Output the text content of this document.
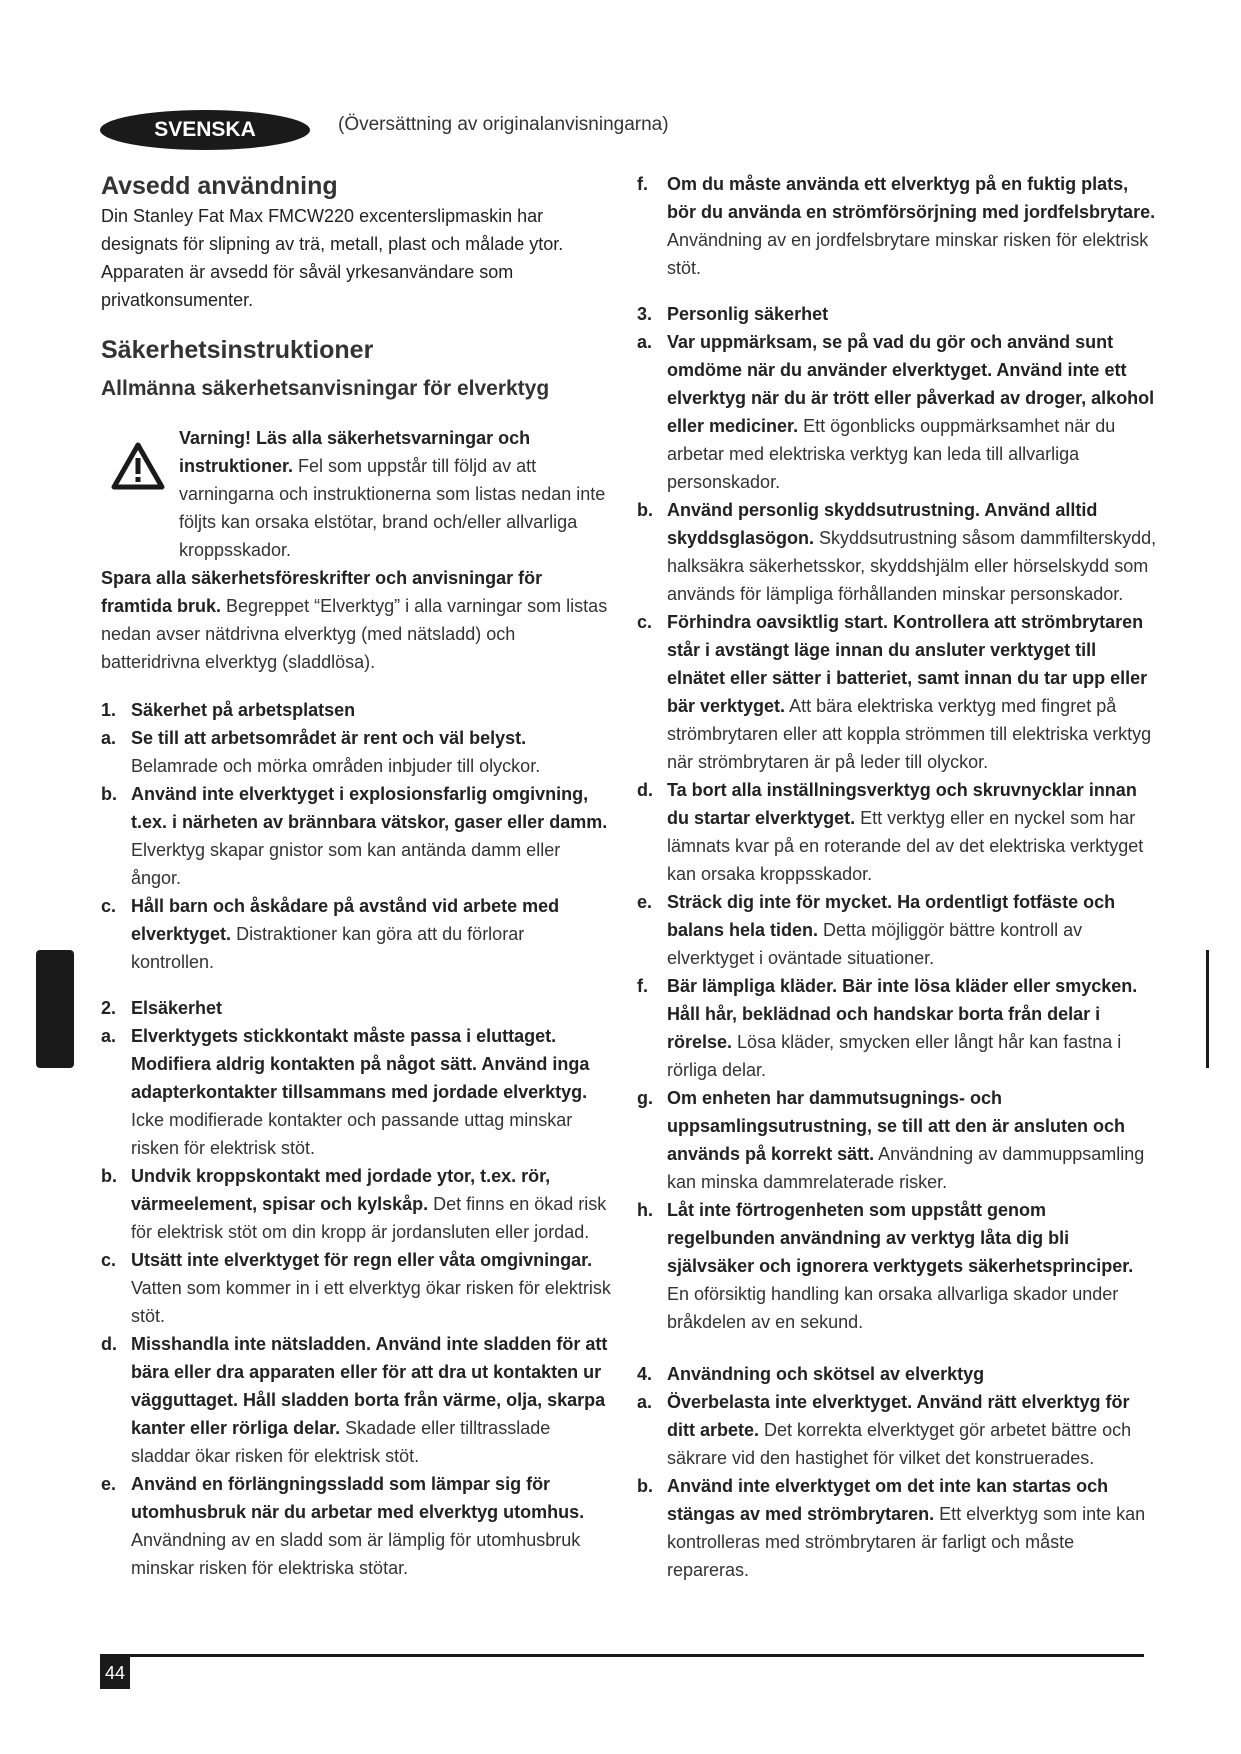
SVENSKA	(Översättning av originalanvisningarna)
Avsedd användning

Din Stanley Fat Max FMCW220 excenterslipmaskin har designats för slipning av trä, metall, plast och målade ytor. Apparaten är avsedd för såväl yrkesanvändare som privatkonsumenter.

Säkerhetsinstruktioner
Allmänna säkerhetsanvisningar för elverktyg

Varning! Läs alla säkerhetsvarningar och instruktioner. Fel som uppstår till följd av att varningarna och instruktionerna som listas nedan inte följts kan orsaka elstötar, brand och/eller allvarliga kroppsskador.

Spara alla säkerhetsföreskrifter och anvisningar för framtida bruk. Begreppet “Elverktyg” i alla varningar som listas nedan avser nätdrivna elverktyg (med nätsladd) och batteridrivna elverktyg (sladdlösa).

1. Säkerhet på arbetsplatsen
a. Se till att arbetsområdet är rent och väl belyst. Belamrade och mörka områden inbjuder till olyckor.
b. Använd inte elverktyget i explosionsfarlig omgivning, t.ex. i närheten av brännbara vätskor, gaser eller damm. Elverktyg skapar gnistor som kan antända damm eller ångor.
c. Håll barn och åskådare på avstånd vid arbete med elverktyget. Distraktioner kan göra att du förlorar kontrollen.
2. Elsäkerhet
a. Elverktygets stickkontakt måste passa i eluttaget. Modifiera aldrig kontakten på något sätt. Använd inga adapterkontakter tillsammans med jordade elverktyg. Icke modifierade kontakter och passande uttag minskar risken för elektrisk stöt.
b. Undvik kroppskontakt med jordade ytor, t.ex. rör, värmeelement, spisar och kylskåp. Det finns en ökad risk för elektrisk stöt om din kropp är jordansluten eller jordad.
c. Utsätt inte elverktyget för regn eller våta omgivningar. Vatten som kommer in i ett elverktyg ökar risken för elektrisk stöt.
d. Misshandla inte nätsladden. Använd inte sladden för att bära eller dra apparaten eller för att dra ut kontakten ur vägguttaget. Håll sladden borta från värme, olja, skarpa kanter eller rörliga delar. Skadade eller tilltrasslade sladdar ökar risken för elektrisk stöt.
e. Använd en förlängningssladd som lämpar sig för utomhusbruk när du arbetar med elverktyg utomhus. Användning av en sladd som är lämplig för utomhusbruk minskar risken för elektriska stötar.
f. Om du måste använda ett elverktyg på en fuktig plats, bör du använda en strömförsörjning med jordfelsbrytare. Användning av en jordfelsbrytare minskar risken för elektrisk stöt.
3. Personlig säkerhet
a. Var uppmärksam, se på vad du gör och använd sunt omdöme när du använder elverktyget. Använd inte ett elverktyg när du är trött eller påverkad av droger, alkohol eller mediciner. Ett ögonblicks ouppmärksamhet när du arbetar med elektriska verktyg kan leda till allvarliga personskador.
b. Använd personlig skyddsutrustning. Använd alltid skyddsglasögon. Skyddsutrustning såsom dammfilterskydd, halksäkra säkerhetsskor, skyddshjälm eller hörselskydd som används för lämpliga förhållanden minskar personskador.
c. Förhindra oavsiktlig start. Kontrollera att strömbrytaren står i avstängt läge innan du ansluter verktyget till elnätet eller sätter i batteriet, samt innan du tar upp eller bär verktyget. Att bära elektriska verktyg med fingret på strömbrytaren eller att koppla strömmen till elektriska verktyg när strömbrytaren är på leder till olyckor.
d. Ta bort alla inställningsverktyg och skruvnycklar innan du startar elverktyget. Ett verktyg eller en nyckel som har lämnats kvar på en roterande del av det elektriska verktyget kan orsaka kroppsskador.
e. Sträck dig inte för mycket. Ha ordentligt fotfäste och balans hela tiden. Detta möjliggör bättre kontroll av elverktyget i oväntade situationer.
f. Bär lämpliga kläder. Bär inte lösa kläder eller smycken. Håll hår, beklädnad och handskar borta från delar i rörelse. Lösa kläder, smycken eller långt hår kan fastna i rörliga delar.
g. Om enheten har dammutsugnings- och uppsamlingsutrustning, se till att den är ansluten och används på korrekt sätt. Användning av dammuppsamling kan minska dammrelaterade risker.
h. Låt inte förtrogenheten som uppstått genom regelbunden användning av verktyg låta dig bli självsäker och ignorera verktygets säkerhetsprinciper. En oförsiktig handling kan orsaka allvarliga skador under bråkdelen av en sekund.
4. Användning och skötsel av elverktyg
a. Överbelasta inte elverktyget. Använd rätt elverktyg för ditt arbete. Det korrekta elverktyget gör arbetet bättre och säkrare vid den hastighet för vilket det konstruerades.
b. Använd inte elverktyget om det inte kan startas och stängas av med strömbrytaren. Ett elverktyg som inte kan kontrolleras med strömbrytaren är farligt och måste repareras.
44
